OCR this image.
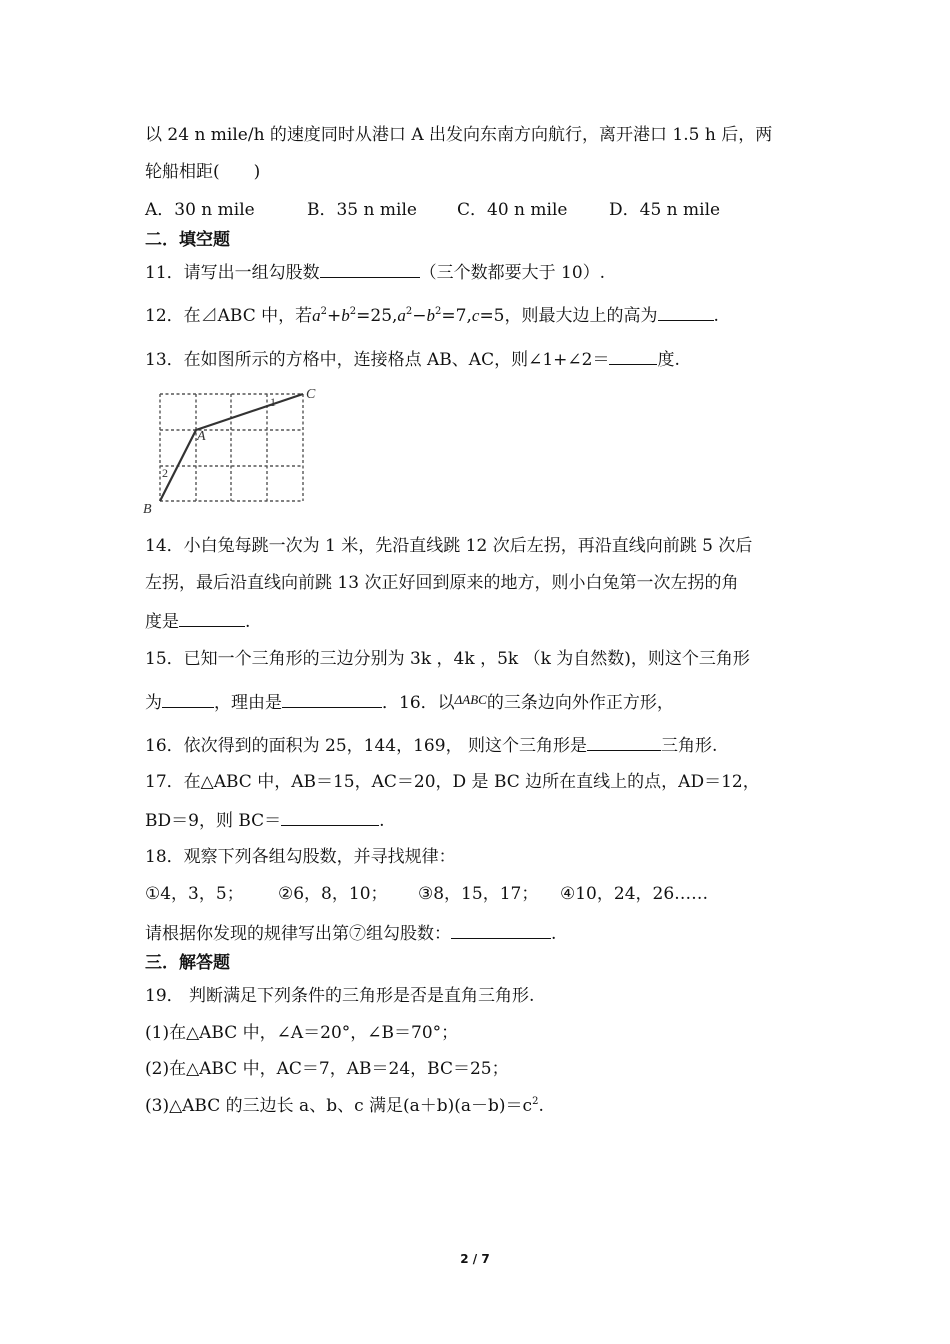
以 24 n mile/h 的速度同时从港口 A 出发向东南方向航行，离开港口 1.5 h 后，两
轮船相距(　　)
A．30 n mile	B．35 n mile C．40 n mile D．45 n mile
二．填空题
11．请写出一组勾股数	（三个数都要大于 10）.
12．在⊿ABC 中，若$a^2+b^2=25,a^2-b^2=7,c=5$，则最大边上的高为	.
13．在如图所示的方格中，连接格点 AB、AC，则∠1+∠2＝	度.
A
B
C
1
2
14．小白兔每跳一次为 1 米，先沿直线跳 12 次后左拐，再沿直线向前跳 5 次后
左拐，最后沿直线向前跳 13 次正好回到原来的地方，则小白兔第一次左拐的角
度是	.
15．已知一个三角形的三边分别为 3k ，4k ，5k （k 为自然数)，则这个三角形
为	，理由是	．16．以$^{\Delta ABC}$的三条边向外作正方形，
16．依次得到的面积为 25，144，169， 则这个三角形是	三角形.
17．在△ABC 中，AB＝15，AC＝20，D 是 BC 边所在直线上的点，AD＝12，
BD＝9，则 BC＝	.
18．观察下列各组勾股数，并寻找规律：
①4，3，5； ②6，8，10； ③8，15，17； ④10，24，26……
请根据你发现的规律写出第⑦组勾股数：	.
三．解答题
19． 判断满足下列条件的三角形是否是直角三角形.
(1)在△ABC 中，∠A＝20°，∠B＝70°；
(2)在△ABC 中，AC＝7，AB＝24，BC＝25；
(3)△ABC 的三边长 a、b、c 满足$(a+b)(a-b)=c^2$.
2 / 7
